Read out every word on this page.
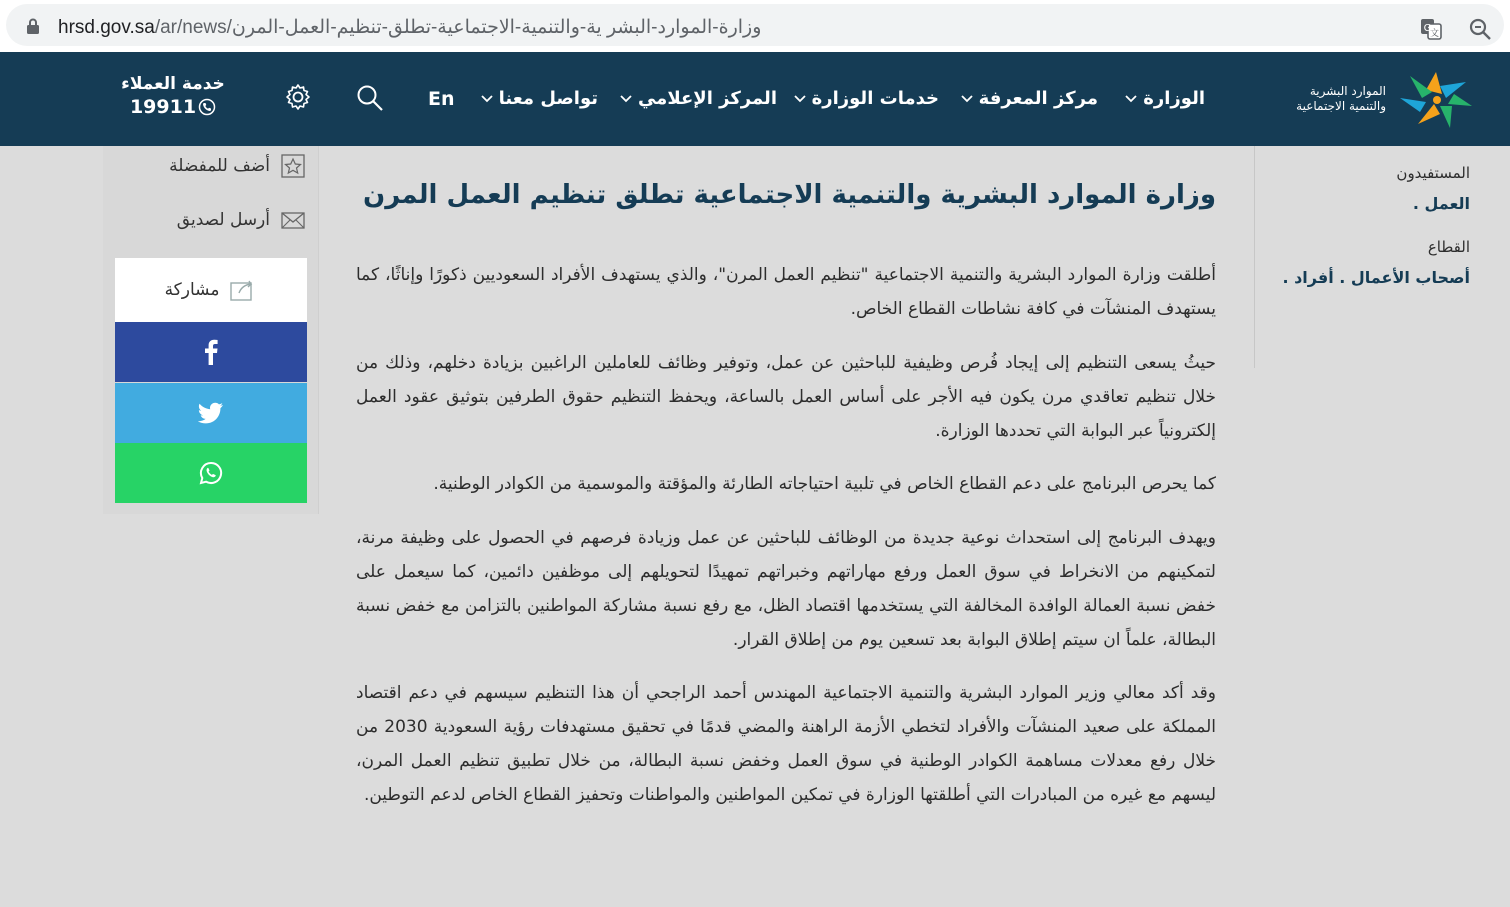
hrsd.gov.sa/ar/news/وزارة-الموارد-البشر ية-والتنمية-الاجتماعية-تطلق-تنظيم-العمل-المرن	G
文
الموارد البشرية
والتنمية الاجتماعية
الوزارة
مركز المعرفة
خدمات الوزارة
المركز الإعلامي
تواصل معنا
En
خدمة العملاء
19911
المستفيدون
العمل .
القطاع
أصحاب الأعمال . أفراد .
وزارة الموارد البشرية والتنمية الاجتماعية تطلق تنظيم العمل المرن

أطلقت وزارة الموارد البشرية والتنمية الاجتماعية "تنظيم العمل المرن"، والذي يستهدف الأفراد السعوديين ذكورًا وإناثًا، كما يستهدف المنشآت في كافة نشاطات القطاع الخاص.

حيثُ يسعى التنظيم إلى إيجاد فُرص وظيفية للباحثين عن عمل، وتوفير وظائف للعاملين الراغبين بزيادة دخلهم، وذلك من خلال تنظيم تعاقدي مرن يكون فيه الأجر على أساس العمل بالساعة، ويحفظ التنظيم حقوق الطرفين بتوثيق عقود العمل إلكترونياً عبر البوابة التي تحددها الوزارة.

كما يحرص البرنامج على دعم القطاع الخاص في تلبية احتياجاته الطارئة والمؤقتة والموسمية من الكوادر الوطنية.

ويهدف البرنامج إلى استحداث نوعية جديدة من الوظائف للباحثين عن عمل وزيادة فرصهم في الحصول على وظيفة مرنة، لتمكينهم من الانخراط في سوق العمل ورفع مهاراتهم وخبراتهم تمهيدًا لتحويلهم إلى موظفين دائمين، كما سيعمل على خفض نسبة العمالة الوافدة المخالفة التي يستخدمها اقتصاد الظل، مع رفع نسبة مشاركة المواطنين بالتزامن مع خفض نسبة البطالة، علماً ان سيتم إطلاق البوابة بعد تسعين يوم من إطلاق القرار.

وقد أكد معالي وزير الموارد البشرية والتنمية الاجتماعية المهندس أحمد الراجحي أن هذا التنظيم سيسهم في دعم اقتصاد المملكة على صعيد المنشآت والأفراد لتخطي الأزمة الراهنة والمضي قدمًا في تحقيق مستهدفات رؤية السعودية 2030 من خلال رفع معدلات مساهمة الكوادر الوطنية في سوق العمل وخفض نسبة البطالة، من خلال تطبيق تنظيم العمل المرن، ليسهم مع غيره من المبادرات التي أطلقتها الوزارة في تمكين المواطنين والمواطنات وتحفيز القطاع الخاص لدعم التوطين.

أضف للمفضلة
أرسل لصديق
مشاركة
